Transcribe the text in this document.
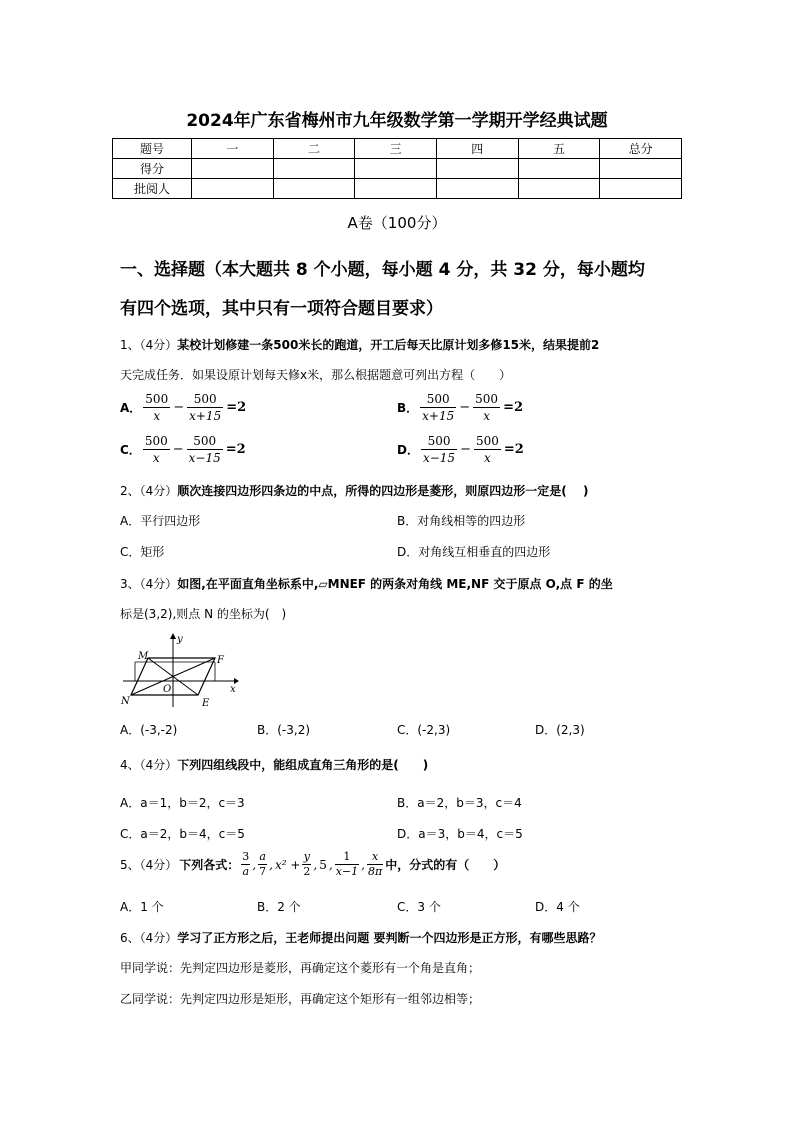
2024年广东省梅州市九年级数学第一学期开学经典试题
题号	一	二	三	四	五	总分
得分						
批阅人						
A卷（100分）
一、选择题（本大题共 8 个小题，每小题 4 分，共 32 分，每小题均
有四个选项，其中只有一项符合题目要求）
1、（4分）某校计划修建一条500米长的跑道，开工后每天比原计划多修15米，结果提前2
天完成任务．如果设原计划每天修x米，那么根据题意可列出方程（　　）
A． $\frac{500}{x} - \frac{500}{x+15} =2$	B． $\frac{500}{x+15} - \frac{500}{x} =2$
C． $\frac{500}{x} - \frac{500}{x-15} =2$	D． $\frac{500}{x-15} - \frac{500}{x} =2$
2、（4分）顺次连接四边形四条边的中点，所得的四边形是菱形，则原四边形一定是(　 )
A．平行四边形	B．对角线相等的四边形
C．矩形	D．对角线互相垂直的四边形
3、（4分）如图,在平面直角坐标系中,▱MNEF 的两条对角线 ME,NF 交于原点 O,点 F 的坐
标是(3,2),则点 N 的坐标为(　)
y
x
M	F
O
N	E
A．(-3,-2)	B．(-3,2)	C．(-2,3)	D．(2,3)
4、（4分）下列四组线段中，能组成直角三角形的是(　　)
A．a＝1，b＝2，c＝3	B．a＝2，b＝3，c＝4
C．a＝2，b＝4，c＝5	D．a＝3，b＝4，c＝5
5、（4分） 下列各式： $\frac{3}{a}$ , $\frac{a}{7}$ , $x^2 + \frac{y}{2}$ , 5 , $\frac{1}{x-1}$ , $\frac{x}{8\pi}$ 中，分式的有（　　）
A．1 个	B．2 个	C．3 个	D．4 个
6、（4分）学习了正方形之后，王老师提出问题 要判断一个四边形是正方形，有哪些思路？
甲同学说：先判定四边形是菱形，再确定这个菱形有一个角是直角；
乙同学说：先判定四边形是矩形，再确定这个矩形有一组邻边相等；
